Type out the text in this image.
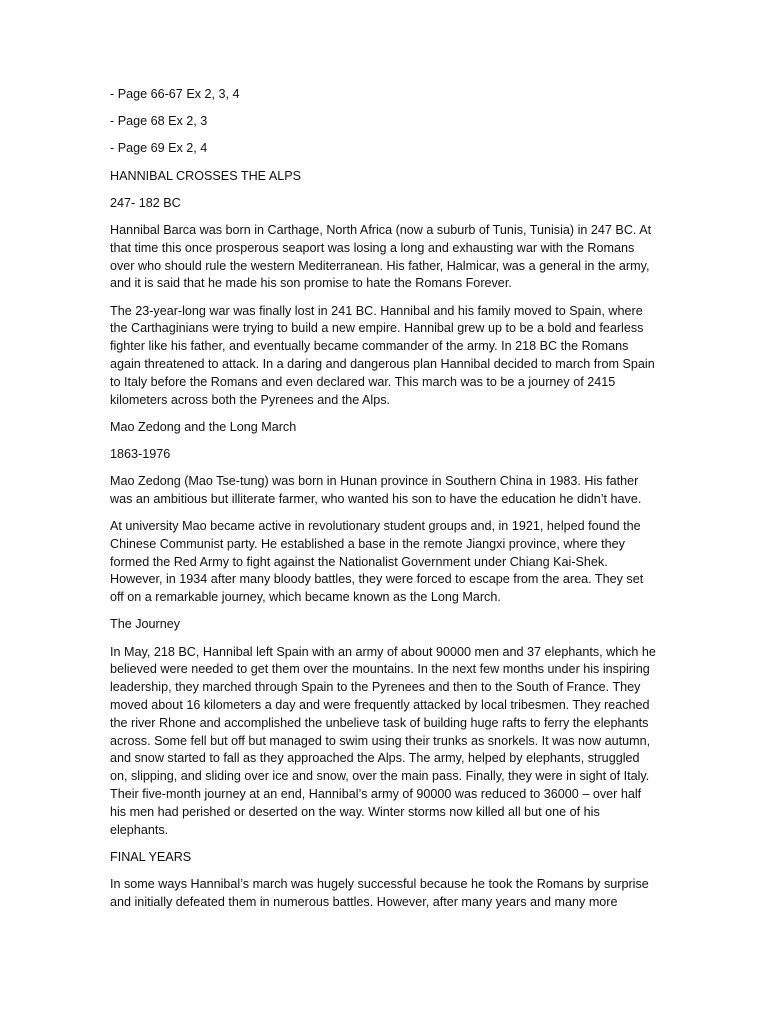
- Page 66-67 Ex 2, 3, 4

- Page 68 Ex 2, 3

- Page 69 Ex 2, 4

HANNIBAL CROSSES THE ALPS

247- 182 BC

Hannibal Barca was born in Carthage, North Africa (now a suburb of Tunis, Tunisia) in 247 BC. At that time this once prosperous seaport was losing a long and exhausting war with the Romans over who should rule the western Mediterranean. His father, Halmicar, was a general in the army, and it is said that he made his son promise to hate the Romans Forever.

The 23-year-long war was finally lost in 241 BC. Hannibal and his family moved to Spain, where the Carthaginians were trying to build a new empire. Hannibal grew up to be a bold and fearless fighter like his father, and eventually became commander of the army. In 218 BC the Romans again threatened to attack. In a daring and dangerous plan Hannibal decided to march from Spain to Italy before the Romans and even declared war. This march was to be a journey of 2415 kilometers across both the Pyrenees and the Alps.

Mao Zedong and the Long March

1863-1976

Mao Zedong (Mao Tse-tung) was born in Hunan province in Southern China in 1983. His father was an ambitious but illiterate farmer, who wanted his son to have the education he didn’t have.

At university Mao became active in revolutionary student groups and, in 1921, helped found the Chinese Communist party. He established a base in the remote Jiangxi province, where they formed the Red Army to fight against the Nationalist Government under Chiang Kai-Shek. However, in 1934 after many bloody battles, they were forced to escape from the area. They set off on a remarkable journey, which became known as the Long March.

The Journey

In May, 218 BC, Hannibal left Spain with an army of about 90000 men and 37 elephants, which he believed were needed to get them over the mountains. In the next few months under his inspiring leadership, they marched through Spain to the Pyrenees and then to the South of France. They moved about 16 kilometers a day and were frequently attacked by local tribesmen. They reached the river Rhone and accomplished the unbelieve task of building huge rafts to ferry the elephants across. Some fell but off but managed to swim using their trunks as snorkels. It was now autumn, and snow started to fall as they approached the Alps. The army, helped by elephants, struggled on, slipping, and sliding over ice and snow, over the main pass. Finally, they were in sight of Italy. Their five-month journey at an end, Hannibal’s army of 90000 was reduced to 36000 – over half his men had perished or deserted on the way. Winter storms now killed all but one of his elephants.

FINAL YEARS

In some ways Hannibal’s march was hugely successful because he took the Romans by surprise and initially defeated them in numerous battles. However, after many years and many more
